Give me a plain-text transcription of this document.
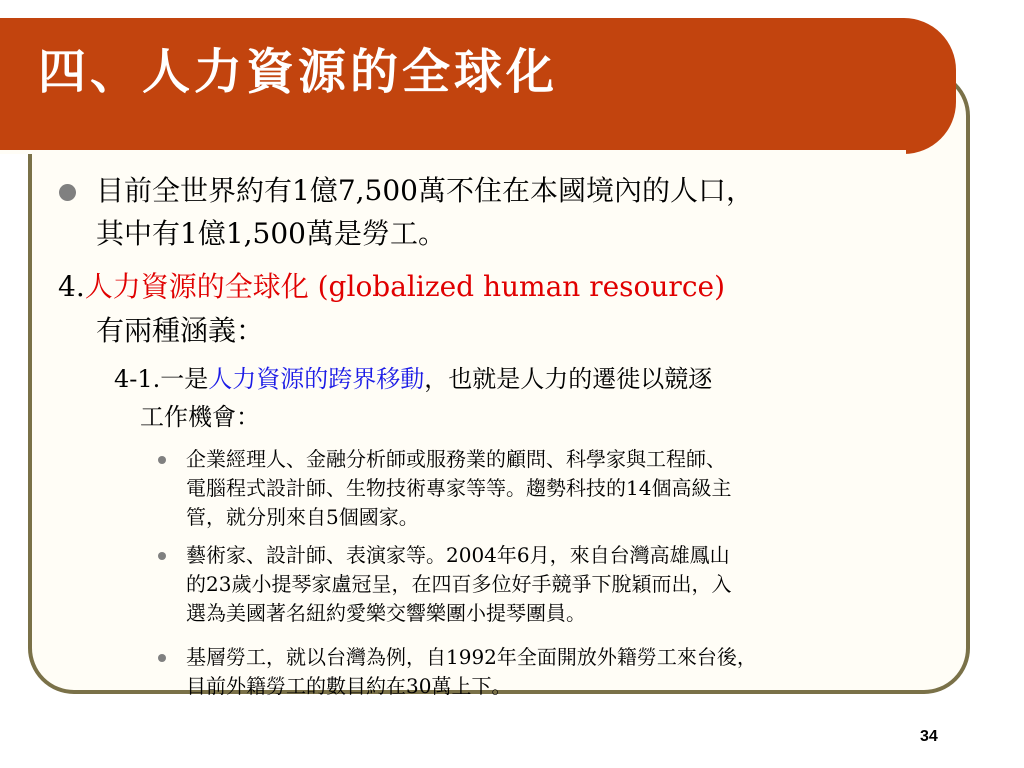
四、人力資源的全球化
目前全世界約有1億7,500萬不住在本國境內的人口，
其中有1億1,500萬是勞工。
4.人力資源的全球化 (globalized human resource)
有兩種涵義：
4-1.一是人力資源的跨界移動，也就是人力的遷徙以競逐
工作機會：
企業經理人、金融分析師或服務業的顧問、科學家與工程師、
電腦程式設計師、生物技術專家等等。趨勢科技的14個高級主
管，就分別來自5個國家。
藝術家、設計師、表演家等。2004年6月，來自台灣高雄鳳山
的23歲小提琴家盧冠呈，在四百多位好手競爭下脫穎而出，入
選為美國著名紐約愛樂交響樂團小提琴團員。
基層勞工，就以台灣為例，自1992年全面開放外籍勞工來台後，
目前外籍勞工的數目約在30萬上下。
34
